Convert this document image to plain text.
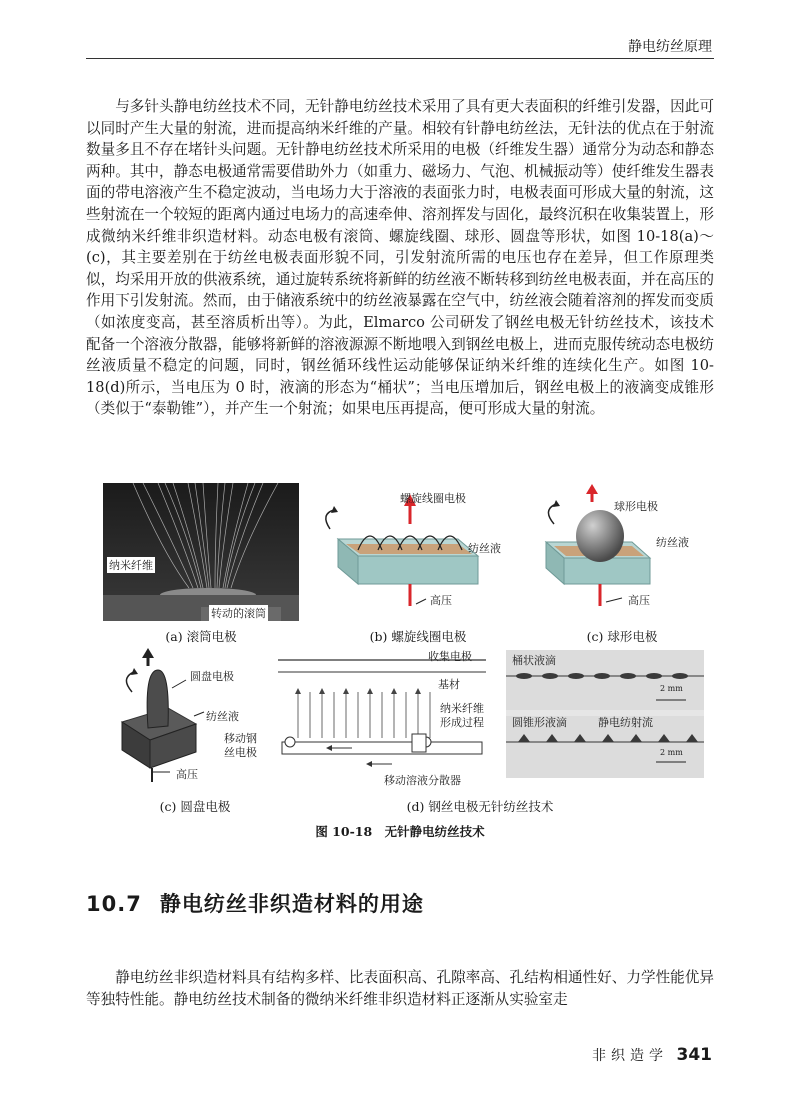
静电纺丝原理

与多针头静电纺丝技术不同，无针静电纺丝技术采用了具有更大表面积的纤维引发器，因此可以同时产生大量的射流，进而提高纳米纤维的产量。相较有针静电纺丝法，无针法的优点在于射流数量多且不存在堵针头问题。无针静电纺丝技术所采用的电极（纤维发生器）通常分为动态和静态两种。其中，静态电极通常需要借助外力（如重力、磁场力、气泡、机械振动等）使纤维发生器表面的带电溶液产生不稳定波动，当电场力大于溶液的表面张力时，电极表面可形成大量的射流，这些射流在一个较短的距离内通过电场力的高速牵伸、溶剂挥发与固化，最终沉积在收集装置上，形成微纳米纤维非织造材料。动态电极有滚筒、螺旋线圈、球形、圆盘等形状，如图 10-18(a)～(c)，其主要差别在于纺丝电极表面形貌不同，引发射流所需的电压也存在差异，但工作原理类似，均采用开放的供液系统，通过旋转系统将新鲜的纺丝液不断转移到纺丝电极表面，并在高压的作用下引发射流。然而，由于储液系统中的纺丝液暴露在空气中，纺丝液会随着溶剂的挥发而变质（如浓度变高，甚至溶质析出等）。为此，Elmarco 公司研发了钢丝电极无针纺丝技术，该技术配备一个溶液分散器，能够将新鲜的溶液源源不断地喂入到钢丝电极上，进而克服传统动态电极纺丝液质量不稳定的问题，同时，钢丝循环线性运动能够保证纳米纤维的连续化生产。如图 10-18(d)所示，当电压为 0 时，液滴的形态为“桶状”；当电压增加后，钢丝电极上的液滴变成锥形（类似于“泰勒锥”），并产生一个射流；如果电压再提高，便可形成大量的射流。

纳米纤维
转动的滚筒
(a) 滚筒电极
螺旋线圈电极
纺丝液
高压
(b) 螺旋线圈电极
球形电极
纺丝液
高压
(c) 球形电极
圆盘电极
纺丝液
高压
(c) 圆盘电极
收集电极
基材
纳米纤维
形成过程
移动钢
丝电极
移动溶液分散器
桶状液滴
2 mm
圆锥形液滴	静电纺射流
2 mm
(d) 钢丝电极无针纺丝技术
图 10-18　无针静电纺丝技术
10.7 静电纺丝非织造材料的用途

静电纺丝非织造材料具有结构多样、比表面积高、孔隙率高、孔结构相通性好、力学性能优异等独特性能。静电纺丝技术制备的微纳米纤维非织造材料正逐渐从实验室走

非织造学 341
